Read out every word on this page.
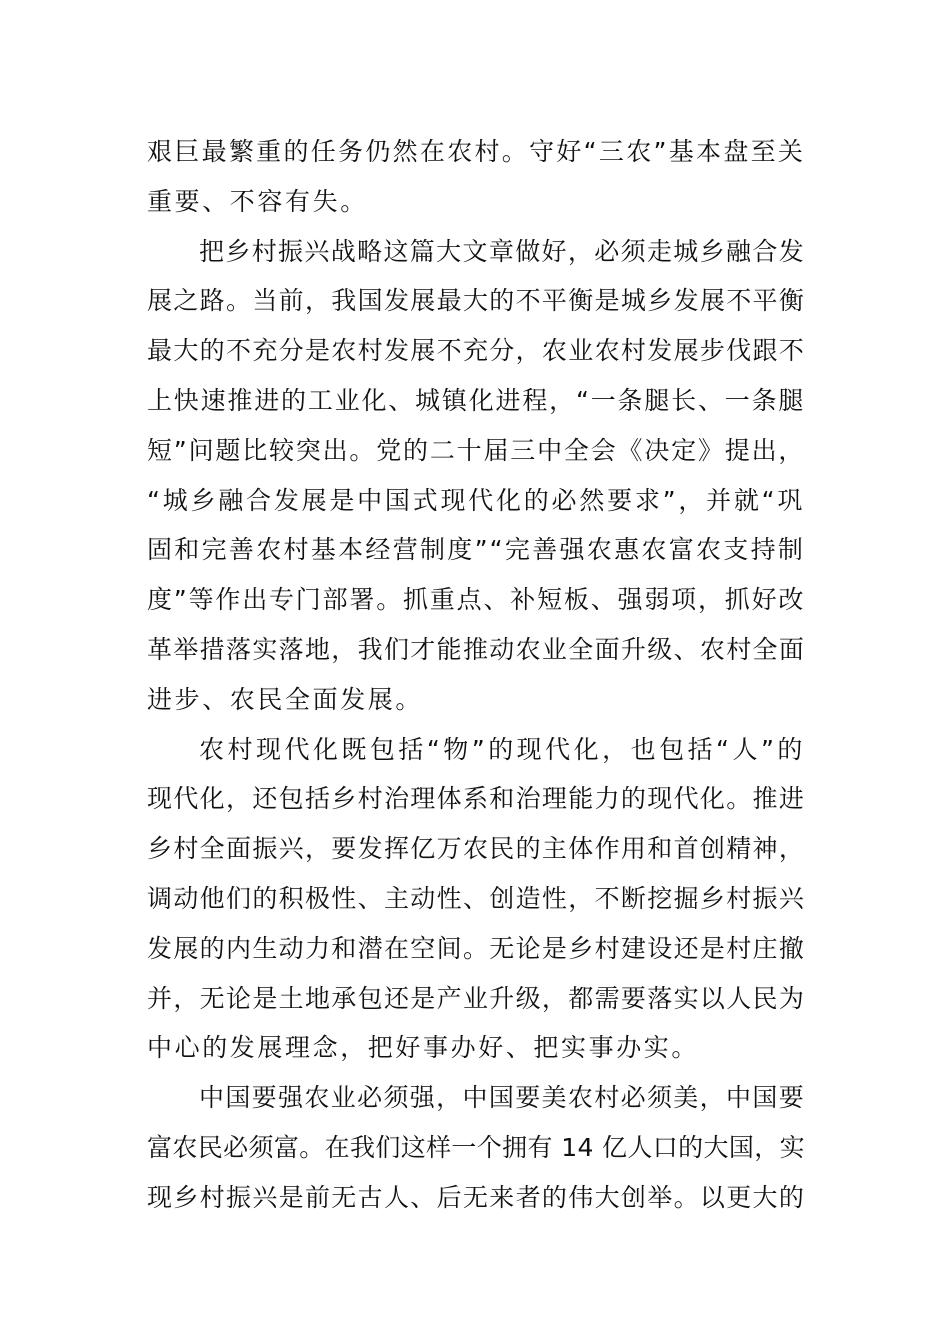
艰巨最繁重的任务仍然在农村。守好“三农”基本盘至关
重要、不容有失。
把乡村振兴战略这篇大文章做好，必须走城乡融合发
展之路。当前，我国发展最大的不平衡是城乡发展不平衡
最大的不充分是农村发展不充分，农业农村发展步伐跟不
上快速推进的工业化、城镇化进程，“一条腿长、一条腿
短”问题比较突出。党的二十届三中全会《决定》提出，
“城乡融合发展是中国式现代化的必然要求”，并就“巩
固和完善农村基本经营制度”“完善强农惠农富农支持制
度”等作出专门部署。抓重点、补短板、强弱项，抓好改
革举措落实落地，我们才能推动农业全面升级、农村全面
进步、农民全面发展。
农村现代化既包括“物”的现代化，也包括“人”的
现代化，还包括乡村治理体系和治理能力的现代化。推进
乡村全面振兴，要发挥亿万农民的主体作用和首创精神，
调动他们的积极性、主动性、创造性，不断挖掘乡村振兴
发展的内生动力和潜在空间。无论是乡村建设还是村庄撤
并，无论是土地承包还是产业升级，都需要落实以人民为
中心的发展理念，把好事办好、把实事办实。
中国要强农业必须强，中国要美农村必须美，中国要
富农民必须富。在我们这样一个拥有 14 亿人口的大国，实
现乡村振兴是前无古人、后无来者的伟大创举。以更大的
